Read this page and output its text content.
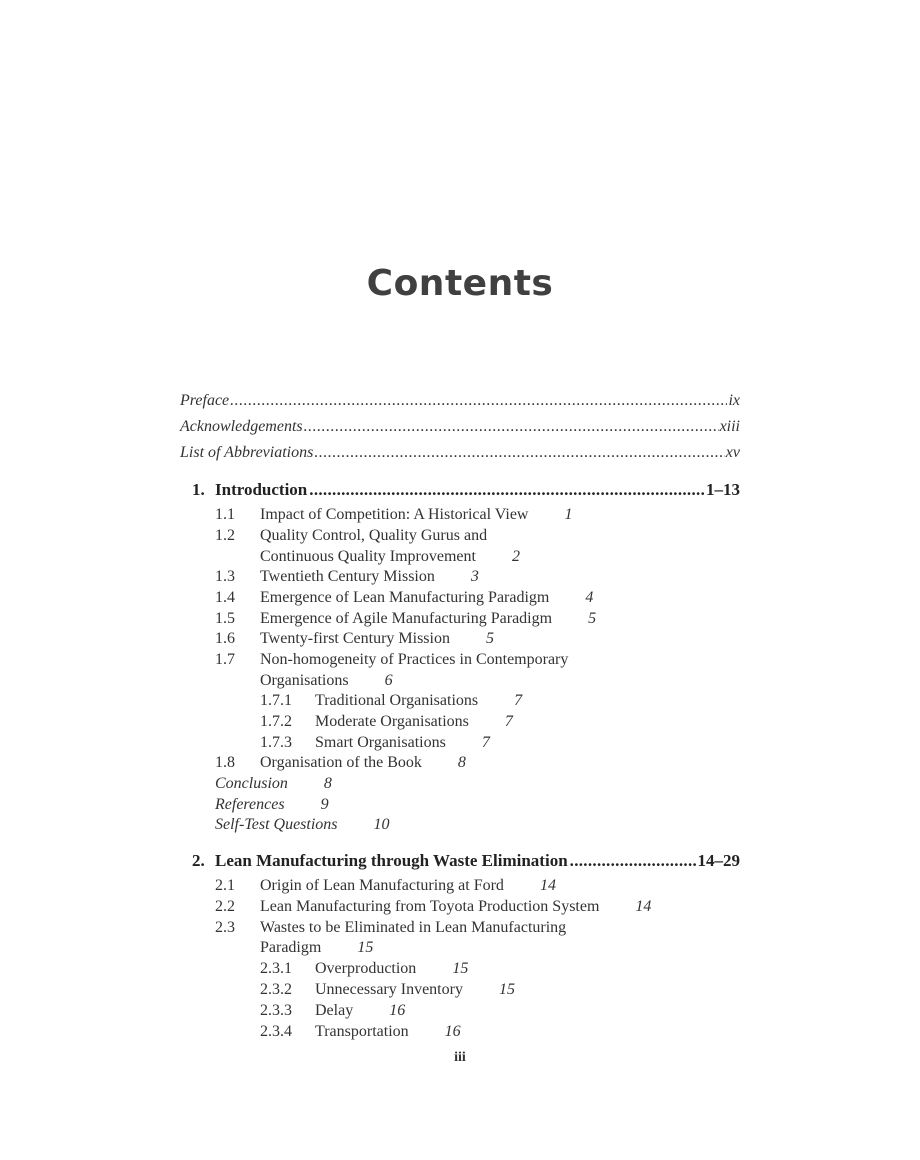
Contents
Preface .....	ix
Acknowledgements .....	xiii
List of Abbreviations .....	xv
1. Introduction .....	1–13
1.1 Impact of Competition: A Historical View 1
1.2 Quality Control, Quality Gurus and
Continuous Quality Improvement 2
1.3 Twentieth Century Mission 3
1.4 Emergence of Lean Manufacturing Paradigm 4
1.5 Emergence of Agile Manufacturing Paradigm 5
1.6 Twenty-first Century Mission 5
1.7 Non-homogeneity of Practices in Contemporary
Organisations 6
1.7.1 Traditional Organisations 7
1.7.2 Moderate Organisations 7
1.7.3 Smart Organisations 7
1.8 Organisation of the Book 8
Conclusion 8
References 9
Self-Test Questions 10
2. Lean Manufacturing through Waste Elimination .....	14–29
2.1 Origin of Lean Manufacturing at Ford 14
2.2 Lean Manufacturing from Toyota Production System 14
2.3 Wastes to be Eliminated in Lean Manufacturing
Paradigm 15
2.3.1 Overproduction 15
2.3.2 Unnecessary Inventory 15
2.3.3 Delay 16
2.3.4 Transportation 16
iii
